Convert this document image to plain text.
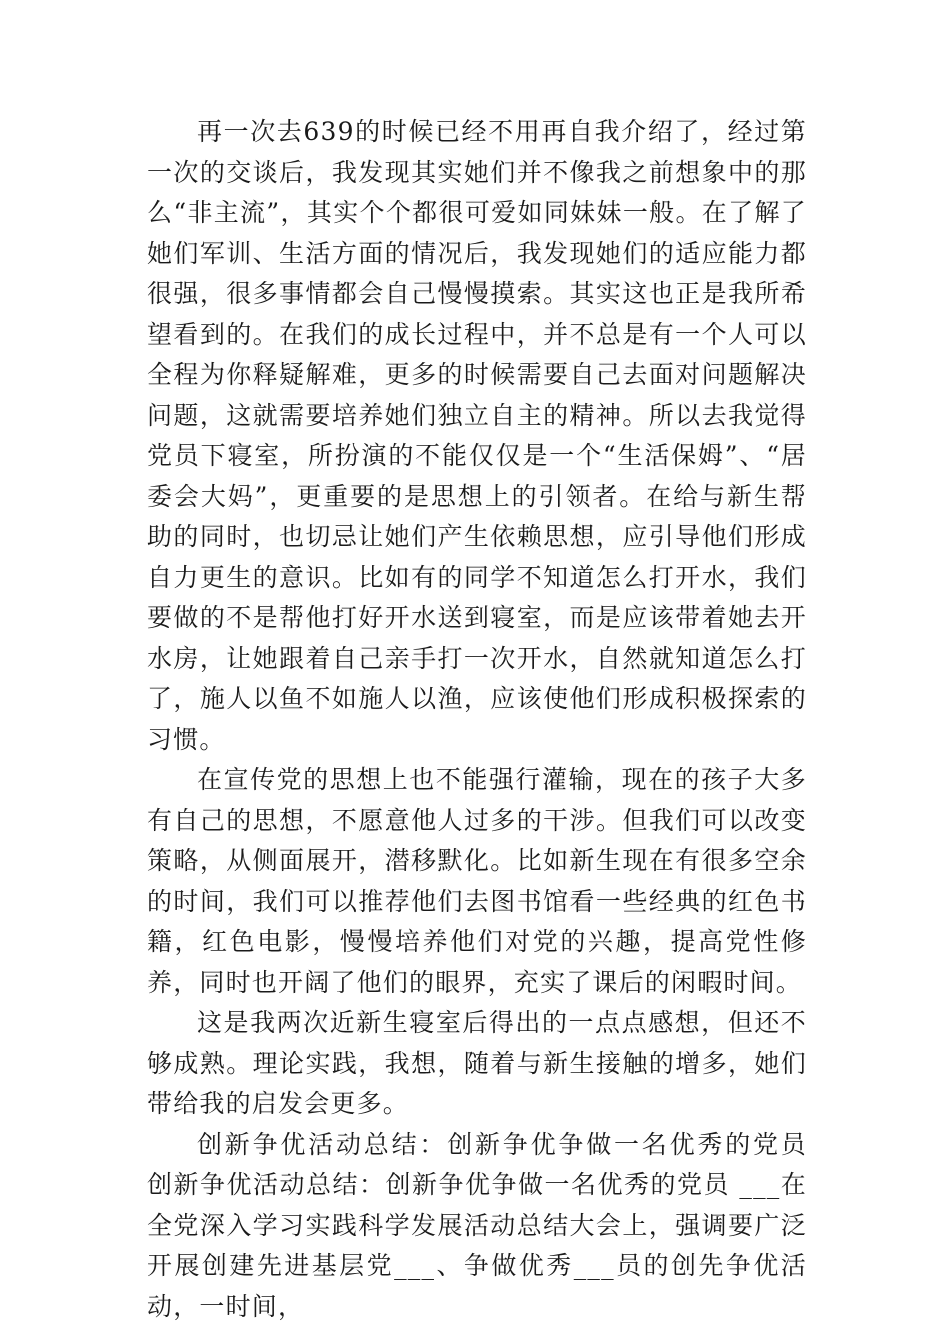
再一次去639的时候已经不用再自我介绍了，经过第一次的交谈后，我发现其实她们并不像我之前想象中的那么“非主流”，其实个个都很可爱如同妹妹一般。在了解了她们军训、生活方面的情况后，我发现她们的适应能力都很强，很多事情都会自己慢慢摸索。其实这也正是我所希望看到的。在我们的成长过程中，并不总是有一个人可以全程为你释疑解难，更多的时候需要自己去面对问题解决问题，这就需要培养她们独立自主的精神。所以去我觉得党员下寝室，所扮演的不能仅仅是一个“生活保姆”、“居委会大妈”，更重要的是思想上的引领者。在给与新生帮助的同时，也切忌让她们产生依赖思想，应引导他们形成自力更生的意识。比如有的同学不知道怎么打开水，我们要做的不是帮他打好开水送到寝室，而是应该带着她去开水房，让她跟着自己亲手打一次开水，自然就知道怎么打了，施人以鱼不如施人以渔，应该使他们形成积极探索的习惯。

在宣传党的思想上也不能强行灌输，现在的孩子大多有自己的思想，不愿意他人过多的干涉。但我们可以改变策略，从侧面展开，潜移默化。比如新生现在有很多空余的时间，我们可以推荐他们去图书馆看一些经典的红色书籍，红色电影，慢慢培养他们对党的兴趣，提高党性修养，同时也开阔了他们的眼界，充实了课后的闲暇时间。

这是我两次近新生寝室后得出的一点点感想，但还不够成熟。理论实践，我想，随着与新生接触的增多，她们带给我的启发会更多。

创新争优活动总结：创新争优争做一名优秀的党员 创新争优活动总结：创新争优争做一名优秀的党员 ___在全党深入学习实践科学发展活动总结大会上，强调要广泛开展创建先进基层党___、争做优秀___员的创先争优活动，一时间，
